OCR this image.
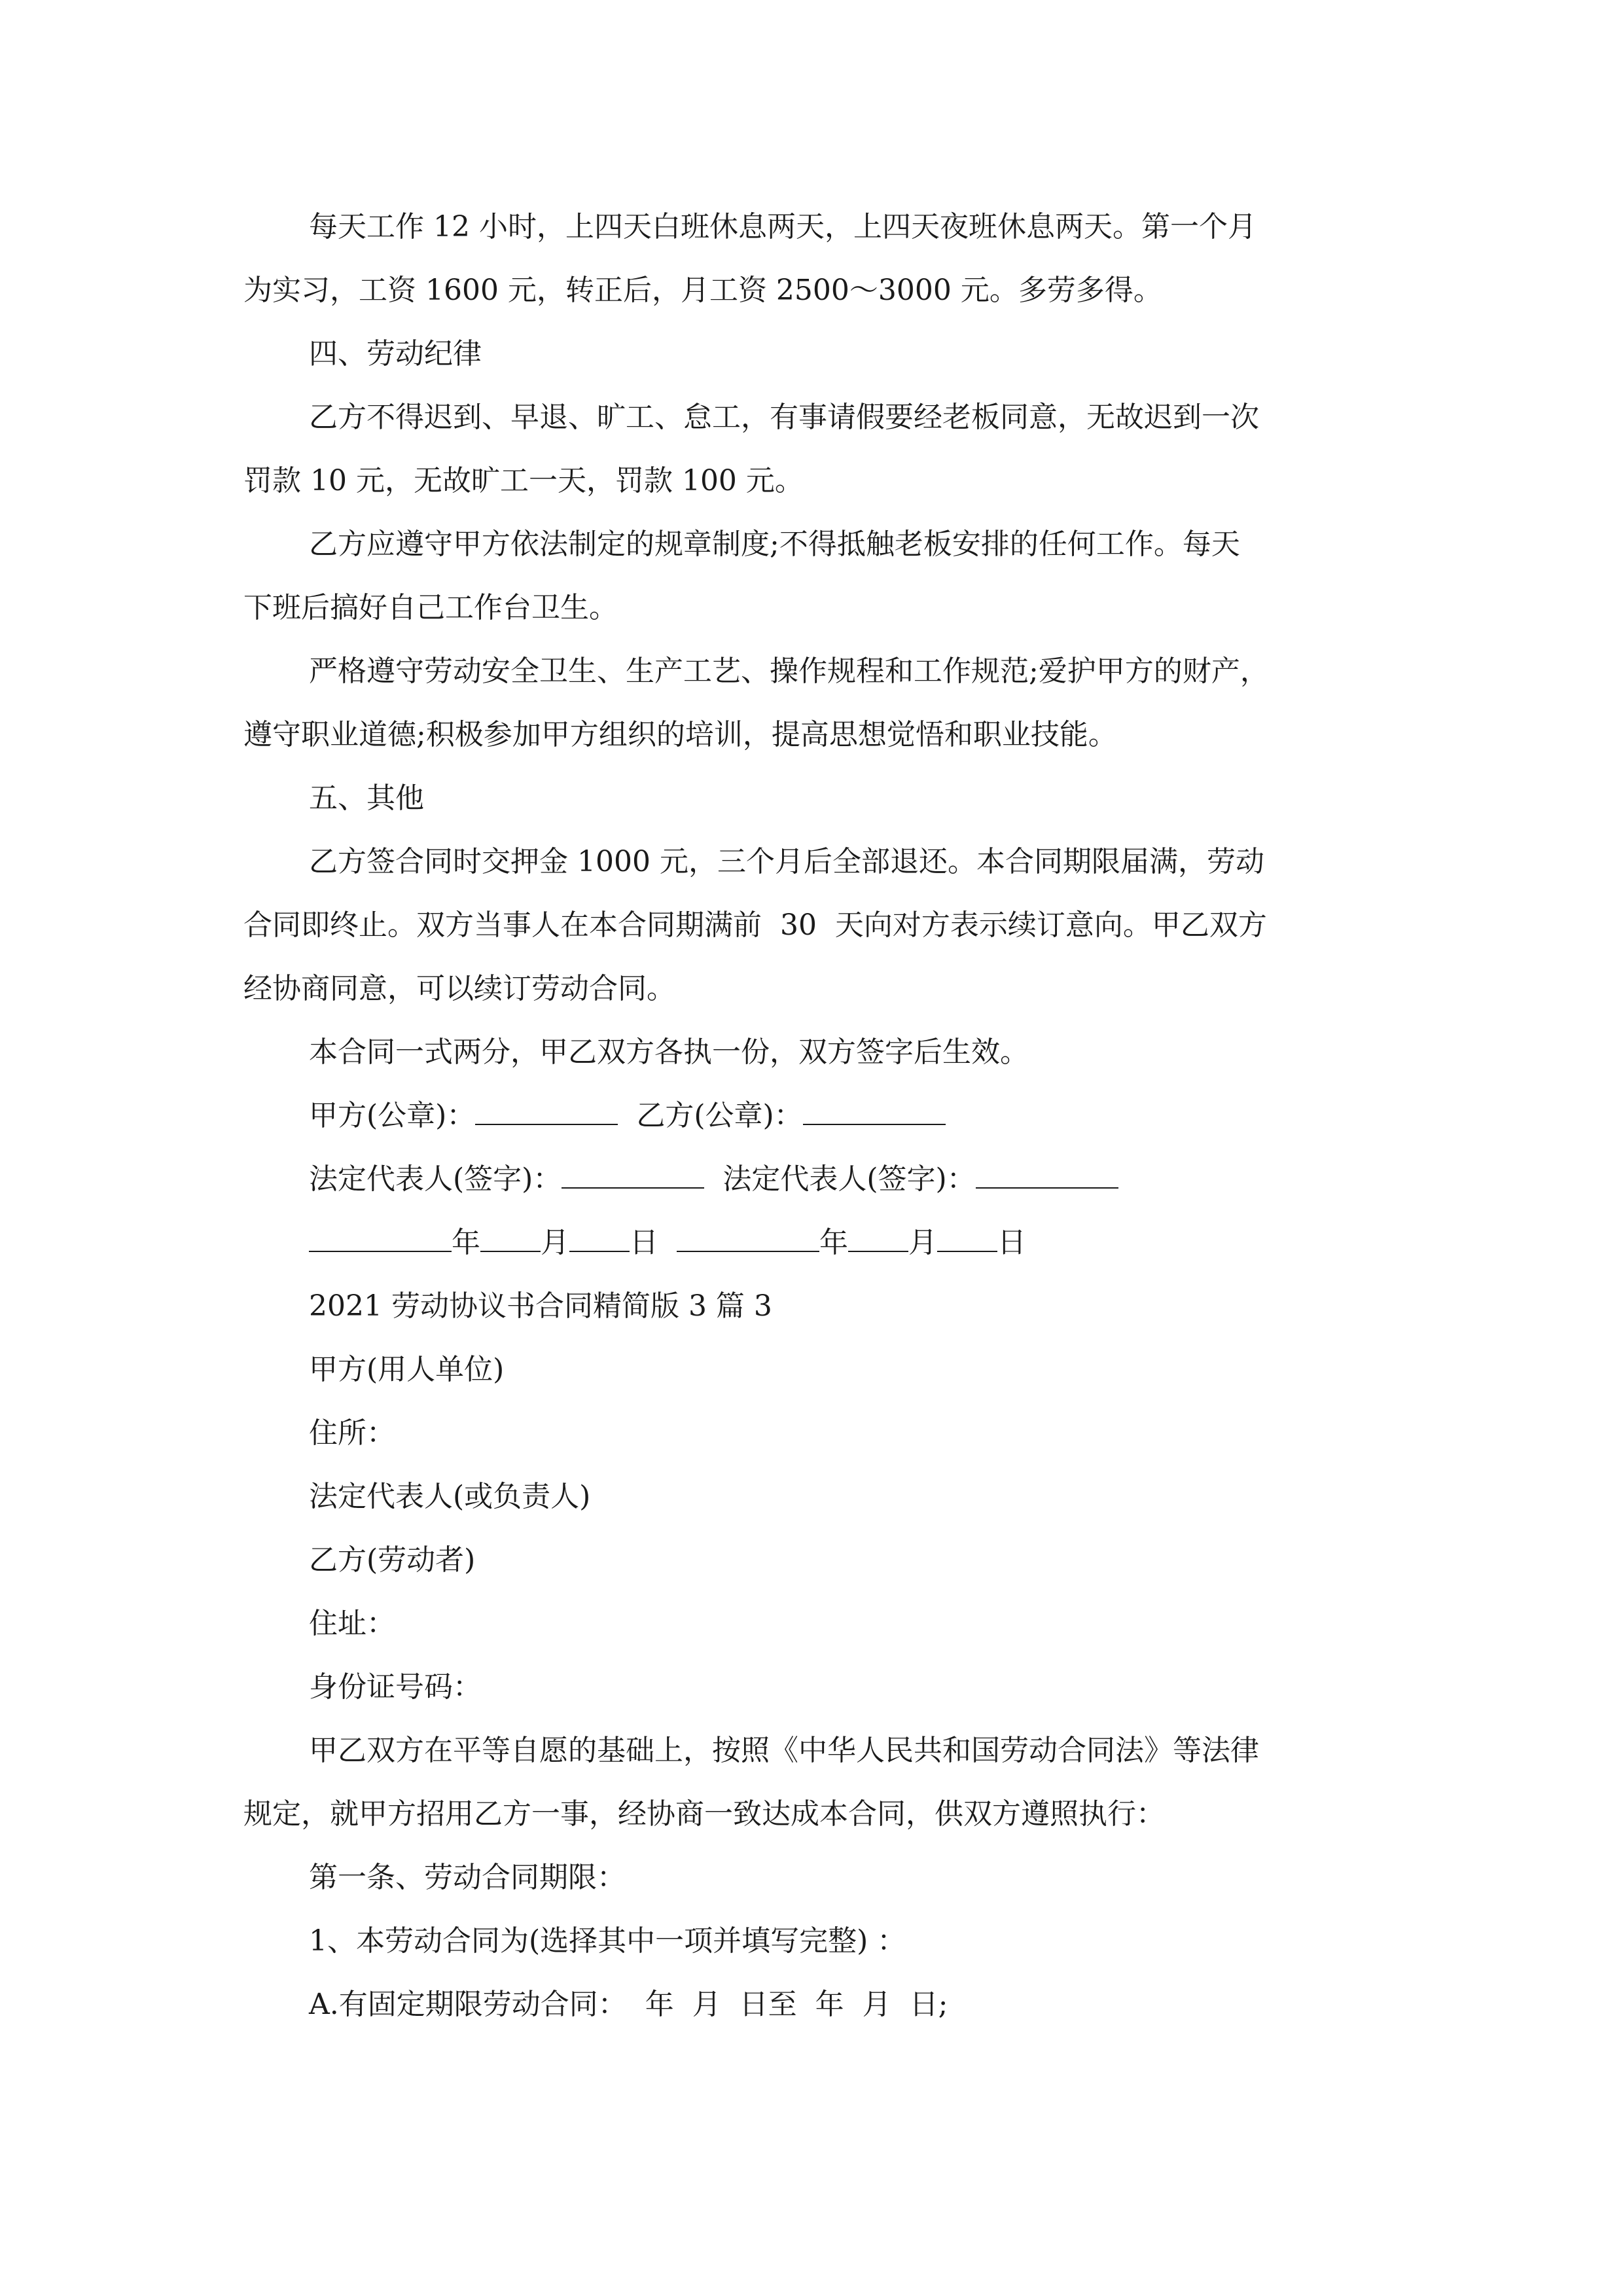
每天工作 12 小时，上四天白班休息两天，上四天夜班休息两天。第一个月

为实习，工资 1600 元，转正后，月工资 2500～3000 元。多劳多得。

四、劳动纪律

乙方不得迟到、早退、旷工、怠工，有事请假要经老板同意，无故迟到一次

罚款 10 元，无故旷工一天，罚款 100 元。

乙方应遵守甲方依法制定的规章制度;不得抵触老板安排的任何工作。每天

下班后搞好自己工作台卫生。

严格遵守劳动安全卫生、生产工艺、操作规程和工作规范;爱护甲方的财产，

遵守职业道德;积极参加甲方组织的培训，提高思想觉悟和职业技能。

五、其他

乙方签合同时交押金 1000 元，三个月后全部退还。本合同期限届满，劳动

合同即终止。双方当事人在本合同期满前  30  天向对方表示续订意向。甲乙双方

经协商同意，可以续订劳动合同。

本合同一式两分，甲乙双方各执一份，双方签字后生效。

甲方(公章)：	乙方(公章)：

法定代表人(签字)：	法定代表人(签字)：

年 月 日	年 月 日

2021 劳动协议书合同精简版 3 篇 3

甲方(用人单位)

住所：

法定代表人(或负责人)

乙方(劳动者)

住址：

身份证号码：

甲乙双方在平等自愿的基础上，按照《中华人民共和国劳动合同法》等法律

规定，就甲方招用乙方一事，经协商一致达成本合同，供双方遵照执行：

第一条、劳动合同期限：

1、本劳动合同为(选择其中一项并填写完整) ：

A.有固定期限劳动合同：  年  月  日至  年  月  日;
